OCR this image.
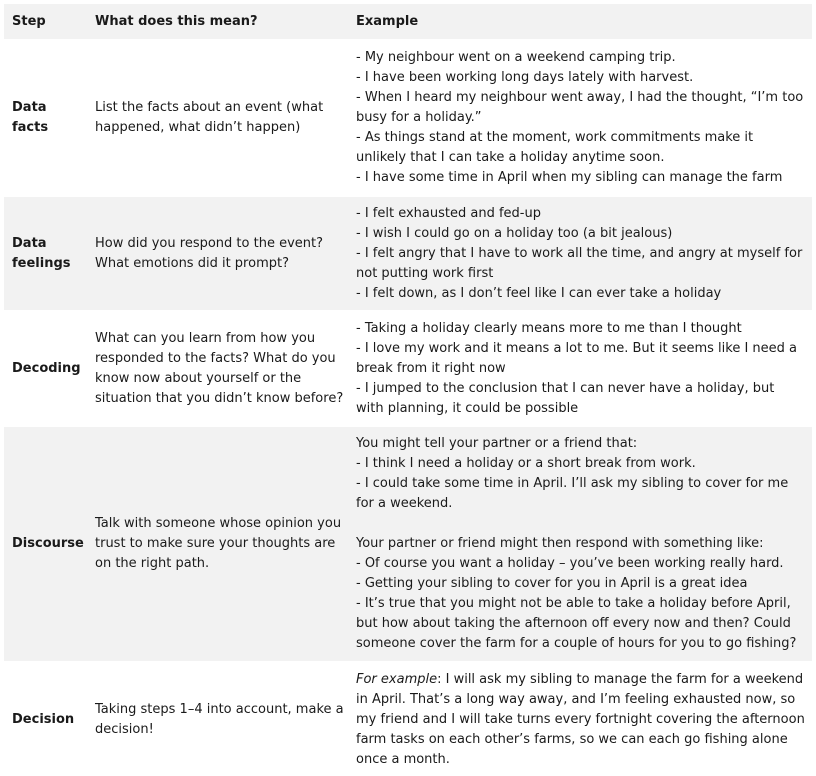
Step	What does this mean?	Example
Data facts
List the facts about an event (what happened, what didn’t happen)
- My neighbour went on a weekend camping trip.
- I have been working long days lately with harvest.
- When I heard my neighbour went away, I had the thought, “I’m too busy for a holiday.”
- As things stand at the moment, work commitments make it unlikely that I can take a holiday anytime soon.
- I have some time in April when my sibling can manage the farm
Data feelings
How did you respond to the event? What emotions did it prompt?
- I felt exhausted and fed-up
- I wish I could go on a holiday too (a bit jealous)
- I felt angry that I have to work all the time, and angry at myself for not putting work first
- I felt down, as I don’t feel like I can ever take a holiday
Decoding
What can you learn from how you responded to the facts? What do you know now about yourself or the situation that you didn’t know before?
- Taking a holiday clearly means more to me than I thought
- I love my work and it means a lot to me. But it seems like I need a break from it right now
- I jumped to the conclusion that I can never have a holiday, but with planning, it could be possible
Discourse
Talk with someone whose opinion you trust to make sure your thoughts are on the right path.
You might tell your partner or a friend that:
- I think I need a holiday or a short break from work.
- I could take some time in April. I’ll ask my sibling to cover for me for a weekend.
Your partner or friend might then respond with something like:
- Of course you want a holiday – you’ve been working really hard.
- Getting your sibling to cover for you in April is a great idea
- It’s true that you might not be able to take a holiday before April, but how about taking the afternoon off every now and then? Could someone cover the farm for a couple of hours for you to go fishing?
Decision
Taking steps 1–4 into account, make a decision!
For example: I will ask my sibling to manage the farm for a weekend in April. That’s a long way away, and I’m feeling exhausted now, so my friend and I will take turns every fortnight covering the afternoon farm tasks on each other’s farms, so we can each go fishing alone once a month.
